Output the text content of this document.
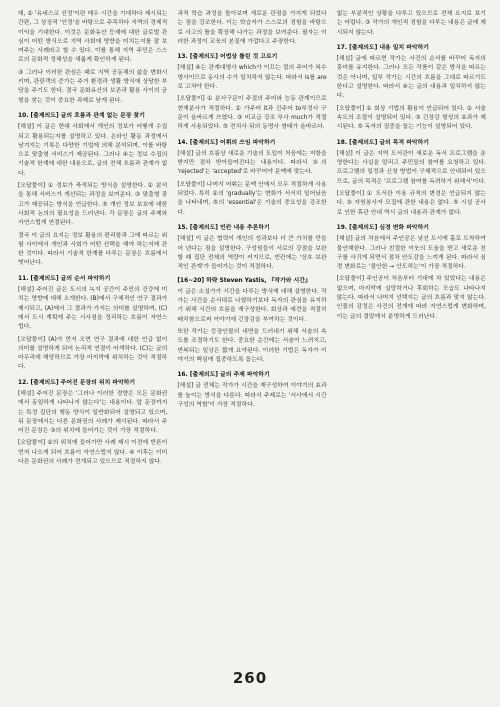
데, ② '유네스코 선정'이란 매우 시간을 기대하다 제시되는 간판, 그 상징적 '인정'을 바탕으로 주목하다 지역의 경제적 이익을 기대한다. 이것은 문화유산 등재에 대한 글로벌 관심이 어떤 방식으로 지역 사회에 영향을 미치는지를 잘 보여주는 사례라고 할 수 있다. 이를 통해 지역 주민은 스스로의 문화적 정체성을 새롭게 확인하게 된다.

③ 그러나 이러한 관심은 때로 지역 공동체의 삶을 변화시키며, 관광객의 증가는 주거 환경과 생활 방식에 상당한 부담을 주기도 한다. 결국 문화유산의 보존과 활용 사이의 균형을 찾는 것이 중요한 과제로 남게 된다.

10. [출제의도] 글의 흐름과 관계 없는 문장 찾기

[해설] 이 글은 현대 사회에서 개인의 정보가 어떻게 수집되고 활용되는지를 설명하고 있다. 온라인 활동 과정에서 남겨지는 기록은 다양한 기업에 의해 분석되며, 이를 바탕으로 맞춤형 서비스가 제공된다. 그러나 ④는 정보 수집의 기술적 한계에 대한 내용으로, 글의 전체 흐름과 관계가 없다.

[오답풀이] ① 정보가 축적되는 방식을 설명한다. ② 분석을 통해 서비스가 개선되는 과정을 보여준다. ③ 맞춤형 광고가 제공되는 방식을 언급한다. ⑤ 개인 정보 보호에 대한 사회적 논의의 필요성을 드러낸다. 각 문장은 글의 주제와 자연스럽게 연결된다.

결국 이 글의 요지는 정보 활용의 편리함과 그에 따르는 위험 사이에서 개인과 사회가 어떤 선택을 해야 하는지에 관한 것이다. 따라서 기술적 한계를 다루는 문장은 흐름에서 벗어난다.

11. [출제의도] 글의 순서 파악하기

[해설] 주어진 글은 도시의 녹지 공간이 주민의 건강에 미치는 영향에 대해 소개한다. (B)에서 구체적인 연구 결과가 제시되고, (A)에서 그 결과가 가지는 의미를 설명하며, (C)에서 도시 계획에 주는 시사점을 정리하는 흐름이 자연스럽다.

[오답풀이] (A)가 먼저 오면 연구 결과에 대한 언급 없이 의미를 설명하게 되어 논리적 연결이 어색하다. (C)는 글의 마무리에 해당하므로 가장 마지막에 위치하는 것이 적절하다.

12. [출제의도] 주어진 문장의 위치 파악하기

[해설] 주어진 문장은 '그러나 이러한 경향은 모든 문화권에서 동일하게 나타나지 않는다'는 내용이다. 앞 문장까지는 특정 집단의 행동 양식이 일반화되어 설명되고 있으며, 뒤 문장에서는 다른 문화권의 사례가 제시된다. 따라서 주어진 문장은 ③의 위치에 들어가는 것이 가장 적절하다.

[오답풀이] ②의 위치에 들어가면 사례 제시 이전에 반론이 먼저 나오게 되어 흐름이 자연스럽지 않다. ④ 이후는 이미 다른 문화권의 사례가 전개되고 있으므로 적절하지 않다.

과적 학습 과정을 돌아보며 새로운 관점을 가지게 되었다는 점을 강조한다. 이는 학습자가 스스로의 경험을 바탕으로 사고의 틀을 확장해 나가는 과정을 보여준다. 필자는 이러한 과정이 교육의 본질에 가깝다고 주장한다.

13. [출제의도] 어법상 틀린 것 고르기

[해설] ④는 관계대명사 which가 이끄는 절의 주어가 복수 명사이므로 동사의 수가 일치하지 않는다. 따라서 is를 are로 고쳐야 한다.

[오답풀이] ① 분사구문이 주절의 주어와 능동 관계이므로 현재분사가 적절하다. ② 가주어 it과 진주어 to부정사 구문이 올바르게 쓰였다. ③ 비교급 강조 부사 much가 적절하게 사용되었다. ⑤ 전치사 뒤의 동명사 형태가 올바르다.

14. [출제의도] 어휘의 쓰임 파악하기

[해설] 글의 흐름상 새로운 기술의 도입이 처음에는 저항을 받지만 점차 받아들여진다는 내용이다. 따라서 ③의 'rejected'는 'accepted'로 바꾸어야 문맥에 맞는다.

[오답풀이] 나머지 어휘는 문맥 안에서 모두 적절하게 사용되었다. 특히 ②의 'gradually'는 변화가 서서히 일어났음을 나타내며, ⑤의 'essential'은 기술의 중요성을 강조한다.

15. [출제의도] 빈칸 내용 추론하기

[해설] 이 글은 협력이 개인의 성과보다 더 큰 가치를 만들어 낸다는 점을 설명한다. 구성원들이 서로의 강점을 보완할 때 집단 전체의 역량이 커지므로, 빈칸에는 '상호 보완적인 관계'가 들어가는 것이 적절하다.

[16~20] 하략 Steven Yastis, 『작가와 시간』

이 글은 소설가가 시간을 다루는 방식에 대해 설명한다. 작가는 사건을 순서대로 나열하기보다 독자의 관심을 유지하기 위해 시간의 흐름을 재구성한다. 회상과 예견을 적절히 배치함으로써 이야기에 긴장감을 부여하는 것이다.

또한 작가는 등장인물의 내면을 드러내기 위해 서술의 속도를 조절하기도 한다. 중요한 순간에는 서술이 느려지고, 반복되는 일상은 짧게 요약된다. 이러한 기법은 독자가 이야기의 핵심에 집중하도록 돕는다.

16. [출제의도] 글의 주제 파악하기

[해설] 글 전체는 작가가 시간을 재구성하여 이야기의 효과를 높이는 방식을 다룬다. 따라서 주제로는 '서사에서 시간 구성의 역할'이 가장 적절하다.

없는 부분적인 상황을 다루고 있으므로 전체 요지로 보기는 어렵다. ③ 작가의 개인적 경험을 다루는 내용은 글에 제시되지 않는다.

17. [출제의도] 내용 일치 파악하기

[해설] 글에 따르면 작가는 사건의 순서를 바꾸어 독자의 흥미를 유지한다. 그러나 모든 작품이 같은 방식을 따르는 것은 아니며, 일부 작가는 시간의 흐름을 그대로 따르기도 한다고 설명한다. 따라서 ④는 글의 내용과 일치하지 않는다.

[오답풀이] ① 회상 기법의 활용이 언급되어 있다. ② 서술 속도의 조절이 설명되어 있다. ③ 긴장감 형성의 효과가 제시된다. ⑤ 독자의 집중을 돕는 기능이 설명되어 있다.

18. [출제의도] 글의 목적 파악하기

[해설] 이 글은 지역 도서관이 새로운 독서 프로그램을 운영한다는 사실을 알리고 주민들의 참여를 요청하고 있다. 프로그램의 일정과 신청 방법이 구체적으로 안내되어 있으므로, 글의 목적은 '프로그램 참여를 독려하기 위해서'이다.

[오답풀이] ① 도서관 이용 규칙의 변경은 언급되지 않는다. ③ 자원봉사자 모집에 관한 내용은 없다. ⑤ 시설 공사로 인한 휴관 안내 역시 글의 내용과 관계가 없다.

19. [출제의도] 심경 변화 파악하기

[해설] 글의 처음에서 주인공은 낯선 도시에 홀로 도착하여 불안해한다. 그러나 친절한 이웃의 도움을 받고 새로운 친구를 사귀게 되면서 점차 안도감을 느끼게 된다. 따라서 심경 변화로는 '불안한 → 안도하는'이 가장 적절하다.

[오답풀이] 주인공이 처음부터 기대에 차 있었다는 내용은 없으며, 마지막에 실망하거나 후회하는 모습도 나타나지 않는다. 따라서 나머지 선택지는 글의 흐름과 맞지 않는다. 인물의 감정은 사건의 전개에 따라 자연스럽게 변화하며, 이는 글의 결말에서 분명하게 드러난다.

260
